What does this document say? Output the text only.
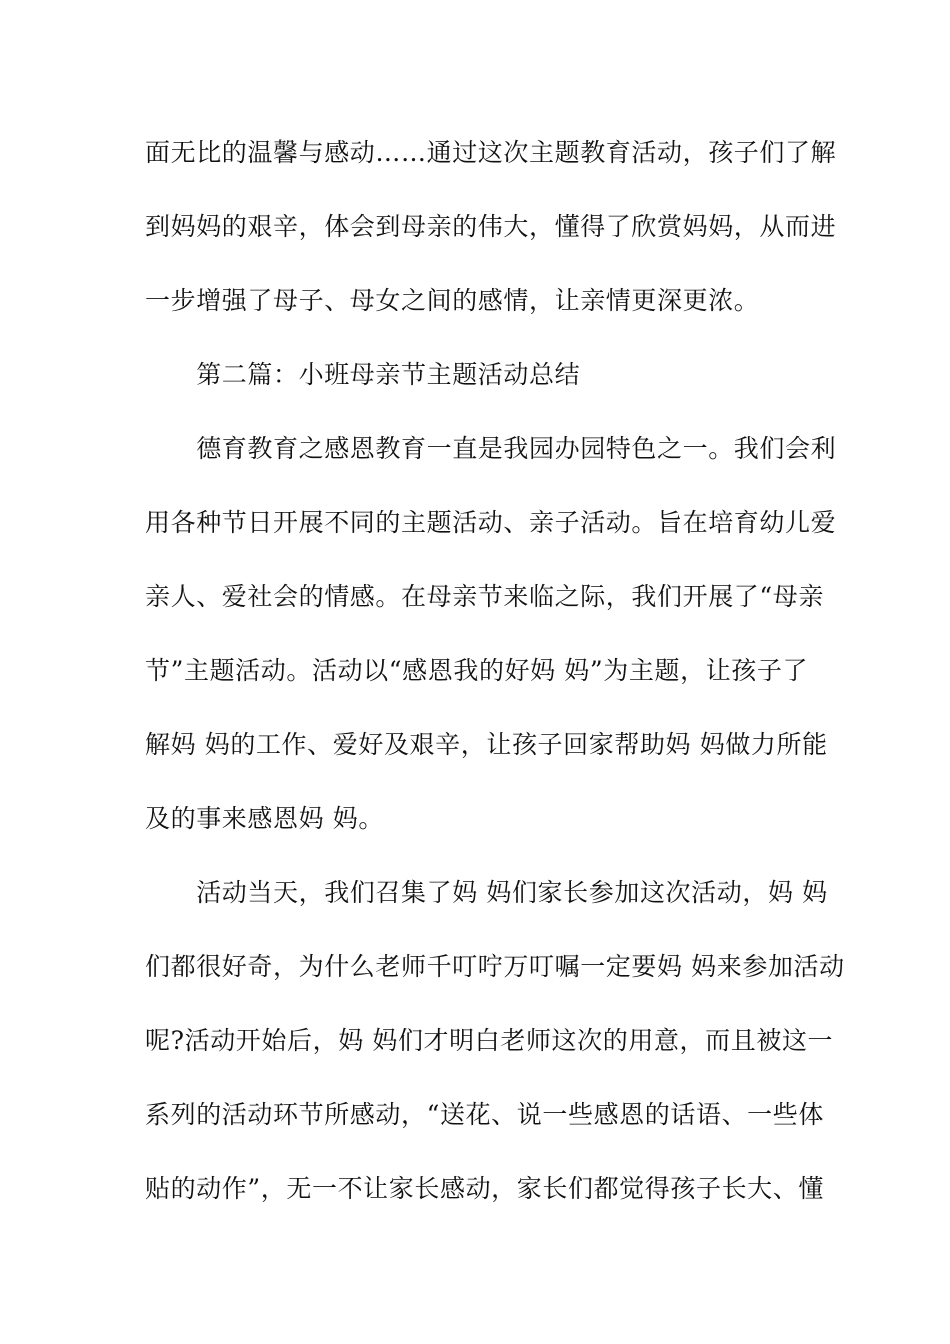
面无比的温馨与感动……通过这次主题教育活动，孩子们了解
到妈妈的艰辛，体会到母亲的伟大，懂得了欣赏妈妈，从而进
一步增强了母子、母女之间的感情，让亲情更深更浓。
　　第二篇：小班母亲节主题活动总结
　　德育教育之感恩教育一直是我园办园特色之一。我们会利
用各种节日开展不同的主题活动、亲子活动。旨在培育幼儿爱
亲人、爱社会的情感。在母亲节来临之际，我们开展了“母亲
节”主题活动。活动以“感恩我的好妈 妈”为主题，让孩子了
解妈 妈的工作、爱好及艰辛，让孩子回家帮助妈 妈做力所能
及的事来感恩妈 妈。
　　活动当天，我们召集了妈 妈们家长参加这次活动，妈 妈
们都很好奇，为什么老师千叮咛万叮嘱一定要妈 妈来参加活动
呢?活动开始后，妈 妈们才明白老师这次的用意，而且被这一
系列的活动环节所感动，“送花、说一些感恩的话语、一些体
贴的动作”，无一不让家长感动，家长们都觉得孩子长大、懂
